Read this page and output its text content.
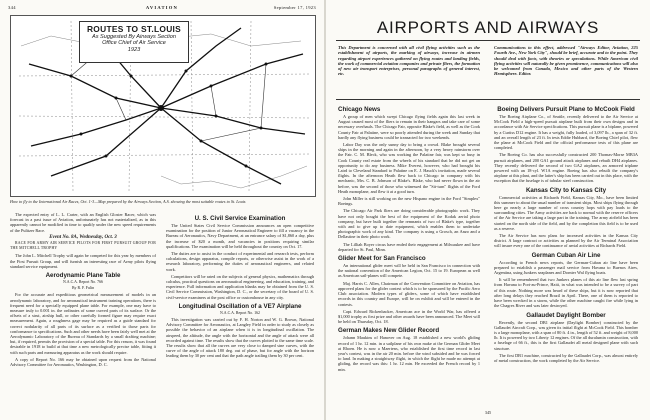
344	AVIATION	September 17, 1923
ROUTES TO ST.LOUIS
As Suggested By Airways Section
Office Chief of Air Service
1923
How to fly to the International Air Races, Oct. 1-3—Map prepared by the Airways Section, A.S. showing the most suitable routes to St. Louis

The expected entry of L. L. Carter, with an English Gloster Racer, which was forecast in a past issue of Aviation, unfortunately has not materialized, as in this apparently cannot be modified in time to qualify under the new speed requirements of the Pulitzer Race.

Event No. 8A, Wednesday, Oct. 3

RACE FOR ARMY AIR SERVICE PILOTS FOR FIRST PURSUIT GROUP FOR THE MITCHELL TROPHY

The John L. Mitchell Trophy will again be competed for this year by members of the First Pursuit Group, and will furnish an interesting race of Army pilots flying standard service equipment.

Aerodynamic Plane Table

N.A.C.A. Report No. 766

By R. F. Fulin

For the accurate and expeditious geometrical measurement of models in an aerodynamic laboratory, and for aeronautical instrument training operations, there is frequent need for a specially equipped plane table. For example, one may have to measure truly to 0.001 in. the ordinates of some curved parts of its surface. Or the offsets of a strut, airship hull, or other carefully formed figure may require exact measurement. Again, a roughness gage may be required as a guide standard for correct nodularity of all parts of its surface as a verified to those parts for conformance to specifications. Such and other needs have been fairly well met at the Aerodynamic Laboratory of the Bureau of Standards by a small drafting machine; but, if required, permits the provision of a special table. For this reason, it was found desirable in 1918 to build at that time a new metrologically precise table, fitting it with such parts and measuring apparatus as the work should require.

A copy of Report No. 166 may be obtained upon request from the National Advisory Committee for Aeronautics, Washington, D. C.

U. S. Civil Service Examination

The United States Civil Service Commission announces an open competitive examination for the position of Junior Aeronautical Engineer to fill a vacancy in the Bureau of Aeronautics, Navy Department, at an entrance salary of $1,860 a day, plus the increase of $20 a month, and vacancies in positions requiring similar qualifications. The examination will be held throughout the country on Oct. 17.

The duties are to assist in the conduct of experimental and research tests, perform calculations, design apparatus, compile reports, or otherwise assist in the work of a research laboratory, performing the duties of aeronautical engineers, and related work.

Competitors will be rated on the subjects of general physics, mathematics through calculus, practical questions on aeronautical engineering, and education, training, and experience. Full information and application blanks may be obtained from the U. S. Civil Service Commission, Washington, D. C., or the secretary of the board of U. S. civil-service examiners at the post office or customhouse in any city.

Longitudinal Oscillation of a VE7 Airplane

N.A.C.A. Report No. 162

This investigation was carried out by F. H. Norton and W. G. Brown, National Advisory Committee for Aeronautics, at Langley Field in order to study as closely as possible the behavior of an airplane when it is in longitudinal oscillation. The airspeed, the altitude, the angle with the horizontal and the angle of attack were all recorded against time. The results show that the curves plotted to the same time scale. The results show that all the curves are very close to damped sine curves, with the curve of the angle of attack 180 deg. out of phase, but for angle with the horizon leading them by 30 per cent and that the path angle trailing them by 30 per cent.

AIRPORTS AND AIRWAYS
This Department is concerned with all civil flying activities such as the establishment of airports, the marking of airways, increase in airmen regarding airport experiences gathered on flying routes and landing fields, the work of commercial aviation companies and private fliers, the formation of new air transport enterprises, personal paragraphs of general interest, etc.
Communications to this effect, addressed "Airways Editor, Aviation, 225 Fourth Ave., New York City", should be brief, accurate and to the point. They should deal with facts, with theories or speculations. While American civil flying activities will naturally be given prominence, communications will also be welcomed from Canada, Mexico and other parts of the Western Hemisphere. Editor.

Chicago News

A group of men which swept Chicago flying fields again this last week in August caused most of the fliers to remain in their hangars and take care of some necessary overhauls. The Chicago Fair, opposite Blake's field, as well as the Cook County Fair at Palatine, were so poorly attended during the week and Sunday that hardly any flying business could be transacted for two weekends.

Labor Day was the only sunny day to bring a crowd. Blake brought several ships in the morning and again in the afternoon, by a very heavy rainstorm over the Fair. C. M. Bleck, who was working the Palatine fair, was kept so busy in Cook County real estate from the wheels of his standard that he did not get an opportunity to do any business. Mike Everest, however, who had brought his Laird to Cleveland Standard to Palatine on E. J. Hauck's invitation, made several flights. In the afternoon Heath flew back to Chicago in company with his mechanic, Mrs. C. B. Johnson of Blake's. Blake, who had never flown in the air before, was the second of those who witnessed the "Sit-turn" flights of the Ford Heath monoplane, and flew it at a good turn.

John Miller is still working on the new Hispano engine in the Ford "Simplex" Boeings.

The Chicago Air Park fliers are doing considerable photographic work. They have not only bought the best of the equipment of the Kodak aerial photo company, but have built together the remnants of two of Blake's type, together with and to give up to date equipment, which enables them to undertake photographic work of any kind. The company is using a Grosch, an Anzo and a Dellastine in their photo work.

The Lilliah Boyer circus have ended their engagement at Milwaukee and have departed for St. Paul, Minn.

Glider Meet for San Francisco

An international glider meet will be held in San Francisco in connection with the national convention of the American Legion, Oct. 15 to 19. European as well as American sail-planes will compete.

Maj. Harris C. Allen, Chairman of the Convention Committee on Aviation, has approved plans for the glider contest which is to be sponsored by the Pacific Aero Club association. Modern types of gliders, some of which have established records in this country and Europe, will be on exhibit and will be entered in the contests.

Capt. Edward Rickenbacker, American ace in the World War, has offered a $1,000 trophy as first prize and other awards have been announced. The Meet will be held on Thursday, Oct. 18.

German Makes New Glider Record

Johann Maukins of Hanover on Aug. 18 established a new world's gliding record of 1 hr. 12 min. in a sailplane of his own make at the German Glider Meet at Rhoen. He is now a Maertens, who established the first time record in last year's contest, was in the air 20 min. before the wind subsided and he was forced to land. In making a straightway flight, in which the flight he made no attempt at gliding, the record was this: 1 hr. 12 min. He exceeded the French record by 1 min.

Boeing Delivers Pursuit Plane to McCook Field

The Boeing Airplane Co., of Seattle, recently delivered to the Air Service at McCook Field a high-speed pursuit airplane built from their own designs and in accordance with Air Service specifications. This pursuit plane is a biplane, powered by a Curtiss D12 engine. It has a weight, fully loaded, of 3,097 lb., a span of 32 ft. and an overall length of 23 ft. In tests Eddie Hubbard, the Boeing Chief pilot, flew the plane at McCook Field and the official performance tests of this plane are completed.

The Boeing Co. has also successfully constructed 200 Thomas-Morse MB3A pursuit airplanes, and 200 GA1 ground attack airplanes and rebuilt DH4 airplanes. They recently delivered the second of two GA2 airplanes, an armored triplane powered with an 18-cyl. W1A engine. Boeing has also rebuilt the company's airplane at this plant, and the latter's ship has been carried out in this place, with the exception that the fuselage is of tubular steel construction.

Kansas City to Kansas City

Commercial activities at Richards Field, Kansas City, Mo., have been limited this summer to about the usual number of transient ships. Most ships flying through here go nearly a large number of cross country hops with pay loads to the surrounding cities. The Army activities are back to normal with the reserve officers of the Air Service are taking a large part in the training. The army airfield has been started on the north side of the field, and by the completion this field is to be used as a reserve.

The Air Service has now plans for increased activities in the Kansas City district. A large contract or activities as planned by the Air Terminal Association will insure every one of the continuance of aerial activities at Richards Field.

German Cuban Air Line

According to French news reports, the German-Cuban air line have been prepared to establish a passenger mail service from Havana to Buenos Aires, Argentina, using Junkers seaplanes and Dornier Wal flying boats.

It will be remembered that two Junkers planes of this air line flew last spring from Havana to Port-au-Prince, Haiti, in what was intended to be a survey of part of this route. Nothing more was heard of these ships, but it is now reported that after long delays they reached Brazil in April. There, one of them is reported to have been wrecked in a storm, while the other machine caught fire while lying in the Chagres River and was later destroyed.

Gallaudet Daylight Bomber

Recently, the second DB1 airplane (Daylight Bomber) constructed by the Gallaudet Aircraft Corp., was given its initial flight at McCook Field. This bomber is a large monoplane, with a span of 80 ft. 4 in., length of 52 ft. and weight of 8,000 lb. It is powered by two Liberty 12 engines. Of the all duralumin construction, with a fuselage of 66 ft., this is the first Gallaudet all metal designed plane with such structure.

The first DB1 machine, constructed by the Gallaudet Corp., was almost entirely of metal construction, the work completed by the Air Service.

345
